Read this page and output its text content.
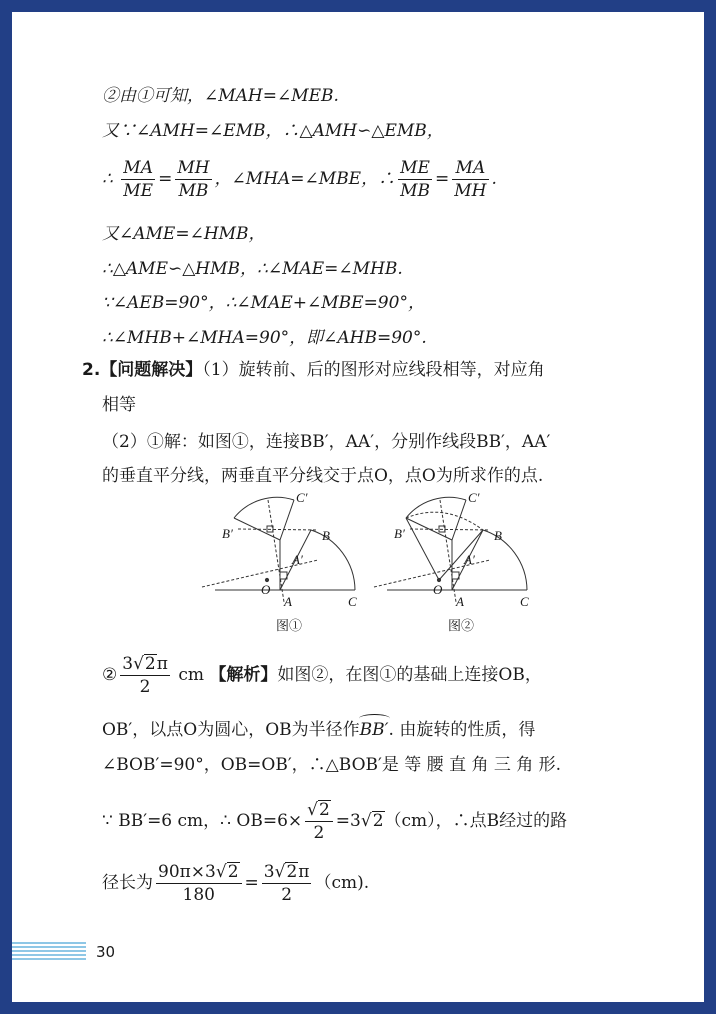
②由①可知，∠MAH=∠MEB.
又∵∠AMH=∠EMB，∴△AMH∽△EMB，
∴ $\frac{MA}{ME} = \frac{MH}{MB}$ ，∠MHA=∠MBE，∴ $\frac{ME}{MB} = \frac{MA}{MH}$ .
又∠AME=∠HMB，
∴△AME∽△HMB，∴∠MAE=∠MHB.
∵∠AEB=90°，∴∠MAE+∠MBE=90°，
∴∠MHB+∠MHA=90°，即∠AHB=90°.
2.【问题解决】（1）旋转前、后的图形对应线段相等，对应角
相等
（2）①解：如图①，连接BB′，AA′，分别作线段BB′，AA′
的垂直平分线，两垂直平分线交于点O，点O为所求作的点.
C′
B′	B
A′
O
A	C
图①
C′
B′	B
A′
O
A	C
图②
② $\frac{3√2\pi}{2}$ cm 【解析】如图②，在图①的基础上连接OB，
OB′，以点O为圆心，OB为半径作BB′. 由旋转的性质，得
∠BOB′=90°，OB=OB′，∴△BOB′是 等 腰 直 角 三 角 形.
∵ BB′=6 cm，∴ $OB=6\times \frac{√2}{2} =3√2(cm)$，∴点B经过的路
径长为 $\frac{90\pi\times 3√2}{180} = \frac{3√2\pi}{2} (cm)$.
30
